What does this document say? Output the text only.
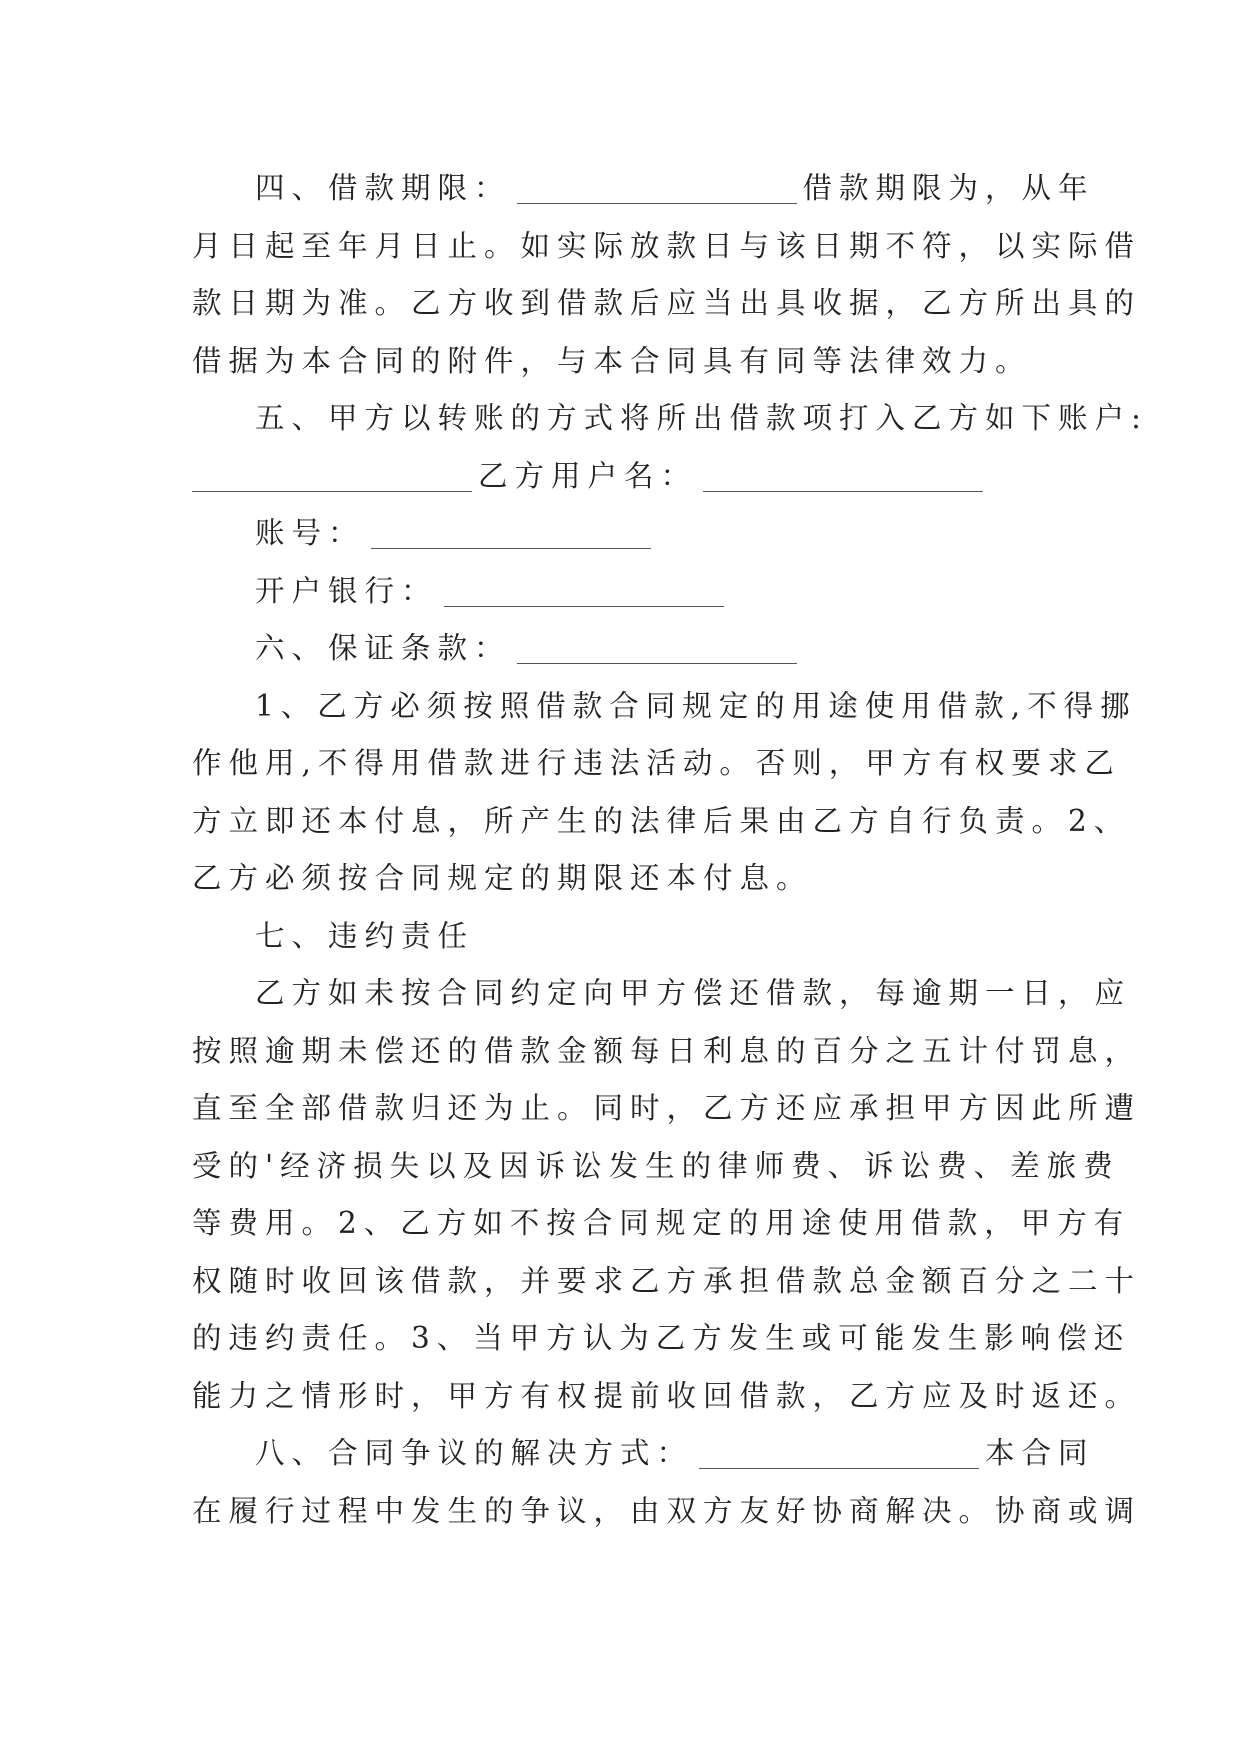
四、借款期限：	借款期限为，从年
月日起至年月日止。如实际放款日与该日期不符，以实际借
款日期为准。乙方收到借款后应当出具收据，乙方所出具的
借据为本合同的附件，与本合同具有同等法律效力。
五、甲方以转账的方式将所出借款项打入乙方如下账户:
乙方用户名：
账号：
开户银行：
六、保证条款：
1、乙方必须按照借款合同规定的用途使用借款,不得挪
作他用,不得用借款进行违法活动。否则，甲方有权要求乙
方立即还本付息，所产生的法律后果由乙方自行负责。2、
乙方必须按合同规定的期限还本付息。
七、违约责任
乙方如未按合同约定向甲方偿还借款，每逾期一日，应
按照逾期未偿还的借款金额每日利息的百分之五计付罚息，
直至全部借款归还为止。同时，乙方还应承担甲方因此所遭
受的'经济损失以及因诉讼发生的律师费、诉讼费、差旅费
等费用。2、乙方如不按合同规定的用途使用借款，甲方有
权随时收回该借款，并要求乙方承担借款总金额百分之二十
的违约责任。3、当甲方认为乙方发生或可能发生影响偿还
能力之情形时，甲方有权提前收回借款，乙方应及时返还。
八、合同争议的解决方式：	本合同
在履行过程中发生的争议，由双方友好协商解决。协商或调
